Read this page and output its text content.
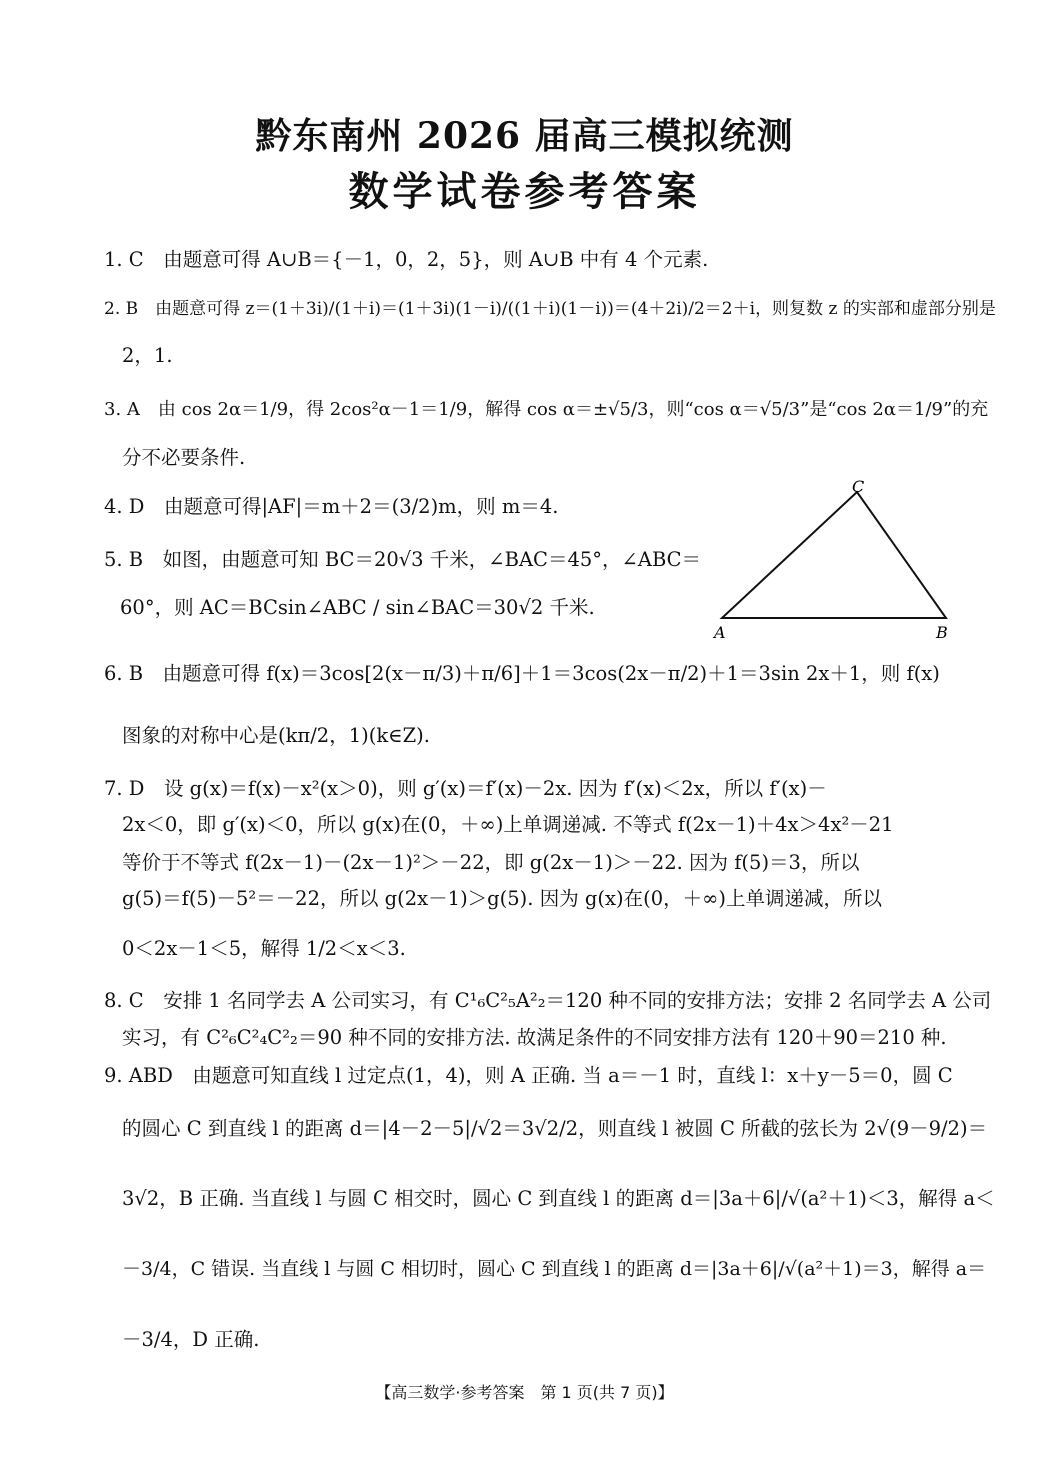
黔东南州 2026 届高三模拟统测
数学试卷参考答案
1. C　由题意可得 A∪B＝{－1，0，2，5}，则 A∪B 中有 4 个元素.
2. B　由题意可得 z＝(1＋3i)/(1＋i)＝(1＋3i)(1－i)/((1＋i)(1－i))＝(4＋2i)/2＝2＋i，则复数 z 的实部和虚部分别是
2，1.
3. A　由 cos 2α＝1/9，得 2cos²α－1＝1/9，解得 cos α＝±√5/3，则“cos α＝√5/3”是“cos 2α＝1/9”的充
分不必要条件.
4. D　由题意可得|AF|＝m＋2＝(3/2)m，则 m＝4.
5. B　如图，由题意可知 BC＝20√3 千米，∠BAC＝45°，∠ABC＝
60°，则 AC＝BCsin∠ABC / sin∠BAC＝30√2 千米.
A	B
C
6. B　由题意可得 f(x)＝3cos[2(x－π/3)＋π/6]＋1＝3cos(2x－π/2)＋1＝3sin 2x＋1，则 f(x)
图象的对称中心是(kπ/2，1)(k∈Z).
7. D　设 g(x)＝f(x)－x²(x＞0)，则 g′(x)＝f′(x)－2x. 因为 f′(x)＜2x，所以 f′(x)－
2x＜0，即 g′(x)＜0，所以 g(x)在(0，＋∞)上单调递减. 不等式 f(2x－1)＋4x＞4x²－21
等价于不等式 f(2x－1)－(2x－1)²＞－22，即 g(2x－1)＞－22. 因为 f(5)＝3，所以
g(5)＝f(5)－5²＝－22，所以 g(2x－1)＞g(5). 因为 g(x)在(0，＋∞)上单调递减，所以
0＜2x－1＜5，解得 1/2＜x＜3.
8. C　安排 1 名同学去 A 公司实习，有 C¹₆C²₅A²₂＝120 种不同的安排方法；安排 2 名同学去 A 公司
实习，有 C²₆C²₄C²₂＝90 种不同的安排方法. 故满足条件的不同安排方法有 120＋90＝210 种.
9. ABD　由题意可知直线 l 过定点(1，4)，则 A 正确. 当 a＝－1 时，直线 l：x＋y－5＝0，圆 C
的圆心 C 到直线 l 的距离 d＝|4－2－5|/√2＝3√2/2，则直线 l 被圆 C 所截的弦长为 2√(9－9/2)＝
3√2，B 正确. 当直线 l 与圆 C 相交时，圆心 C 到直线 l 的距离 d＝|3a＋6|/√(a²＋1)＜3，解得 a＜
－3/4，C 错误. 当直线 l 与圆 C 相切时，圆心 C 到直线 l 的距离 d＝|3a＋6|/√(a²＋1)＝3，解得 a＝
－3/4，D 正确.
【高三数学·参考答案　第 1 页(共 7 页)】
